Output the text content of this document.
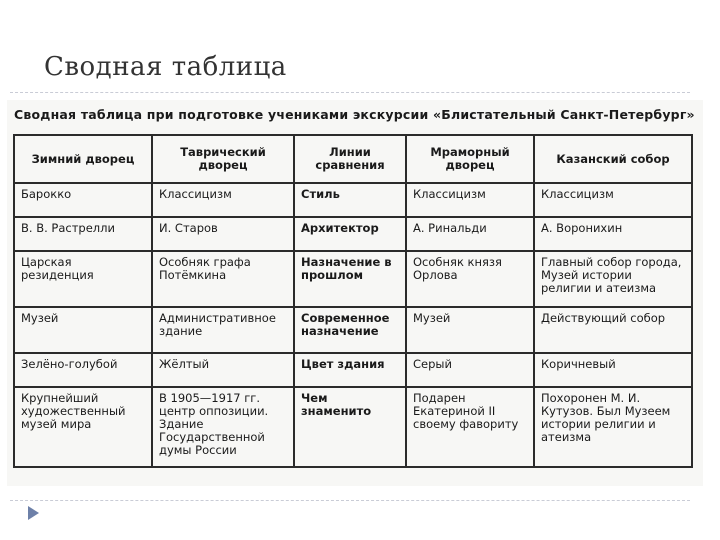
Сводная таблица
Сводная таблица при подготовке учениками экскурсии «Блистательный Санкт-Петербург»
Зимний дворец	Таврический дворец	Линии сравнения	Мраморный дворец	Казанский собор
Барокко	Классицизм	Стиль	Классицизм	Классицизм
В. В. Растрелли	И. Старов	Архитектор	А. Ринальди	А. Воронихин
Царская резиденция	Особняк графа Потёмкина	Назначение в прошлом	Особняк князя Орлова	Главный собор города, Музей истории религии и атеизма
Музей	Административное здание	Современное назначение	Музей	Действующий собор
Зелёно-голубой	Жёлтый	Цвет здания	Серый	Коричневый
Крупнейший художественный музей мира	В 1905—1917 гг. центр оппозиции. Здание Государственной думы России	Чем знаменито	Подарен Екатериной II своему фавориту	Похоронен М. И. Кутузов. Был Музеем истории религии и атеизма
